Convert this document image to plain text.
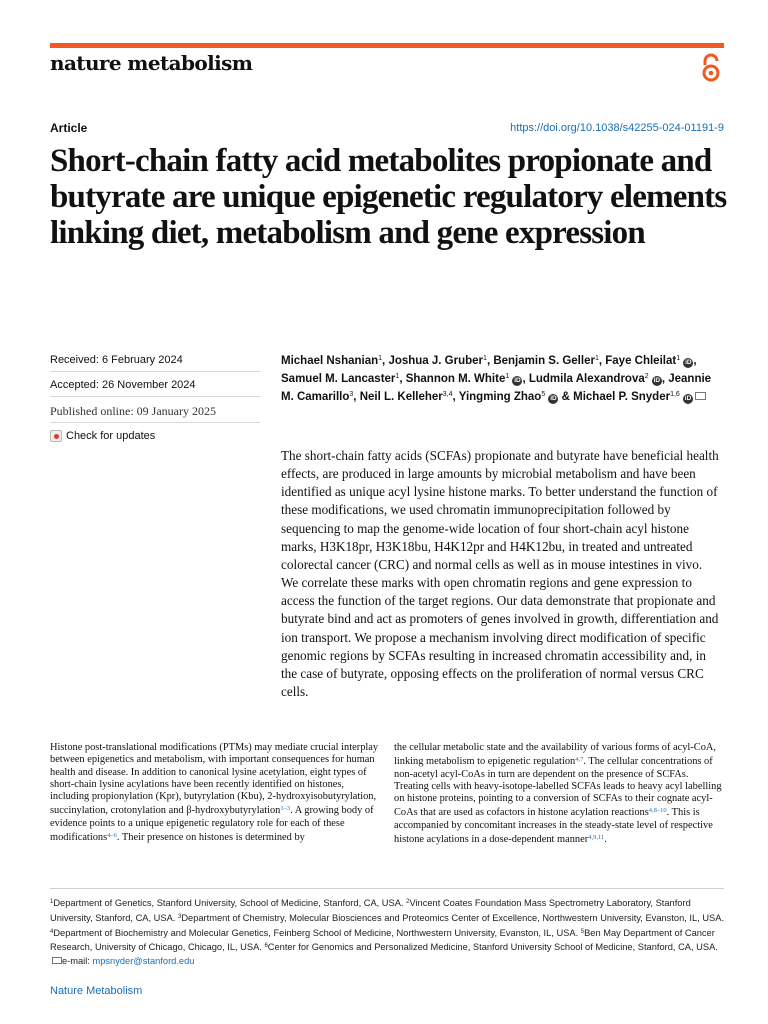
nature metabolism
Article	https://doi.org/10.1038/s42255-024-01191-9
Short-chain fatty acid metabolites propionate and butyrate are unique epigenetic regulatory elements linking diet, metabolism and gene expression
Received: 6 February 2024
Accepted: 26 November 2024
Published online: 09 January 2025
Check for updates
Michael Nshanian$^1$, Joshua J. Gruber$^1$, Benjamin S. Geller$^1$, Faye Chleilat$^1$ iD , Samuel M. Lancaster$^1$, Shannon M. White$^1$ iD , Ludmila Alexandrova$^2$ iD , Jeannie M. Camarillo$^3$, Neil L. Kelleher$^{3,4}$, Yingming Zhao$^5$ iD & Michael P. Snyder$^{1,6}$ iD

The short-chain fatty acids (SCFAs) propionate and butyrate have beneficial health effects, are produced in large amounts by microbial metabolism and have been identified as unique acyl lysine histone marks. To better understand the function of these modifications, we used chromatin immunoprecipitation followed by sequencing to map the genome-wide location of four short-chain acyl histone marks, H3K18pr, H3K18bu, H4K12pr and H4K12bu, in treated and untreated colorectal cancer (CRC) and normal cells as well as in mouse intestines in vivo. We correlate these marks with open chromatin regions and gene expression to access the function of the target regions. Our data demonstrate that propionate and butyrate bind and act as promoters of genes involved in growth, differentiation and ion transport. We propose a mechanism involving direct modification of specific genomic regions by SCFAs resulting in increased chromatin accessibility and, in the case of butyrate, opposing effects on the proliferation of normal versus CRC cells.

Histone post-translational modifications (PTMs) may mediate crucial interplay between epigenetics and metabolism, with important consequences for human health and disease. In addition to canonical lysine acetylation, eight types of short-chain lysine acylations have been recently identified on histones, including propionylation (Kpr), butyrylation (Kbu), 2-hydroxyisobutyrylation, succinylation, crotonylation and β-hydroxybutyrylation$^{1-3}$. A growing body of evidence points to a unique epigenetic regulatory role for each of these modifications$^{4-6}$. Their presence on histones is determined by
the cellular metabolic state and the availability of various forms of acyl-CoA, linking metabolism to epigenetic regulation$^{4,7}$. The cellular concentrations of non-acetyl acyl-CoAs in turn are dependent on the presence of SCFAs. Treating cells with heavy-isotope-labelled SCFAs leads to heavy acyl labelling on histone proteins, pointing to a conversion of SCFAs to their cognate acyl-CoAs that are used as cofactors in histone acylation reactions$^{4,8-10}$. This is accompanied by concomitant increases in the steady-state level of respective histone acylations in a dose-dependent manner$^{4,9,11}$.
$^1$Department of Genetics, Stanford University, School of Medicine, Stanford, CA, USA. $^2$Vincent Coates Foundation Mass Spectrometry Laboratory, Stanford University, Stanford, CA, USA. $^3$Department of Chemistry, Molecular Biosciences and Proteomics Center of Excellence, Northwestern University, Evanston, IL, USA. $^4$Department of Biochemistry and Molecular Genetics, Feinberg School of Medicine, Northwestern University, Evanston, IL, USA. $^5$Ben May Department of Cancer Research, University of Chicago, Chicago, IL, USA. $^6$Center for Genomics and Personalized Medicine, Stanford University School of Medicine, Stanford, CA, USA. e-mail: mpsnyder@stanford.edu
Nature Metabolism
